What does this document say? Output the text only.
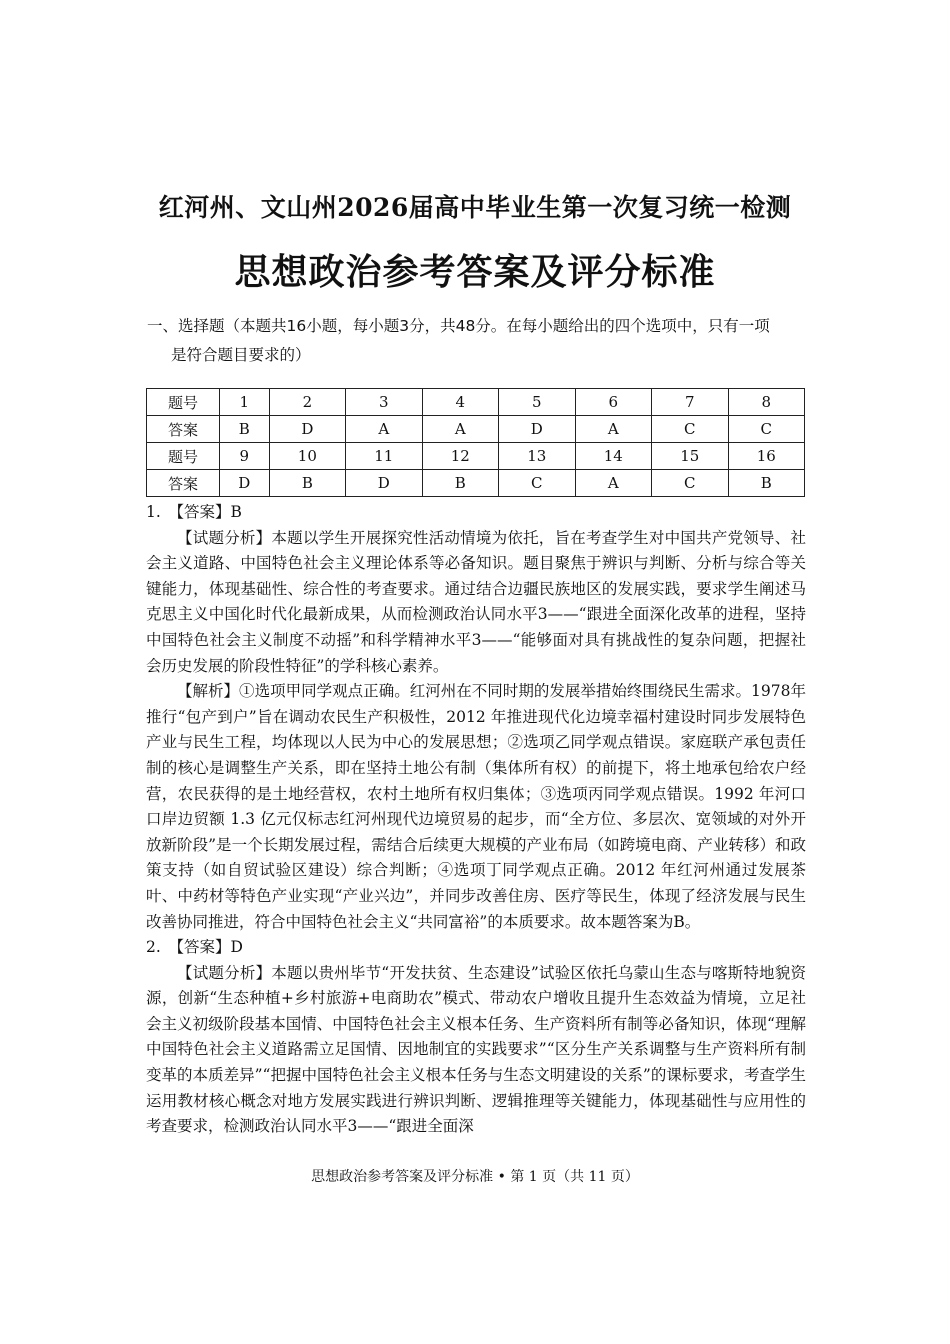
红河州、文山州2026届高中毕业生第一次复习统一检测
思想政治参考答案及评分标准
一、选择题（本题共16小题，每小题3分，共48分。在每小题给出的四个选项中，只有一项
是符合题目要求的）
题号	1	2	3	4	5	6	7	8
答案	B	D	A	A	D	A	C	C
题号	9	10	11	12	13	14	15	16
答案	D	B	D	B	C	A	C	B

1.　【答案】B

【试题分析】本题以学生开展探究性活动情境为依托，旨在考查学生对中国共产党领导、社会主义道路、中国特色社会主义理论体系等必备知识。题目聚焦于辨识与判断、分析与综合等关键能力，体现基础性、综合性的考查要求。通过结合边疆民族地区的发展实践，要求学生阐述马克思主义中国化时代化最新成果，从而检测政治认同水平3——“跟进全面深化改革的进程，坚持中国特色社会主义制度不动摇”和科学精神水平3——“能够面对具有挑战性的复杂问题，把握社会历史发展的阶段性特征”的学科核心素养。

【解析】①选项甲同学观点正确。红河州在不同时期的发展举措始终围绕民生需求。1978年推行“包产到户”旨在调动农民生产积极性，2012 年推进现代化边境幸福村建设时同步发展特色产业与民生工程，均体现以人民为中心的发展思想；②选项乙同学观点错误。家庭联产承包责任制的核心是调整生产关系，即在坚持土地公有制（集体所有权）的前提下，将土地承包给农户经营，农民获得的是土地经营权，农村土地所有权归集体；③选项丙同学观点错误。1992 年河口口岸边贸额 1.3 亿元仅标志红河州现代边境贸易的起步，而“全方位、多层次、宽领域的对外开放新阶段”是一个长期发展过程，需结合后续更大规模的产业布局（如跨境电商、产业转移）和政策支持（如自贸试验区建设）综合判断；④选项丁同学观点正确。2012 年红河州通过发展茶叶、中药材等特色产业实现“产业兴边”，并同步改善住房、医疗等民生，体现了经济发展与民生改善协同推进，符合中国特色社会主义“共同富裕”的本质要求。故本题答案为B。

2.　【答案】D

【试题分析】本题以贵州毕节“开发扶贫、生态建设”试验区依托乌蒙山生态与喀斯特地貌资源，创新“生态种植+乡村旅游+电商助农”模式、带动农户增收且提升生态效益为情境，立足社会主义初级阶段基本国情、中国特色社会主义根本任务、生产资料所有制等必备知识，体现“理解中国特色社会主义道路需立足国情、因地制宜的实践要求”“区分生产关系调整与生产资料所有制变革的本质差异”“把握中国特色社会主义根本任务与生态文明建设的关系”的课标要求，考查学生运用教材核心概念对地方发展实践进行辨识判断、逻辑推理等关键能力，体现基础性与应用性的考查要求，检测政治认同水平3——“跟进全面深

思想政治参考答案及评分标准 • 第 1 页（共 11 页）
